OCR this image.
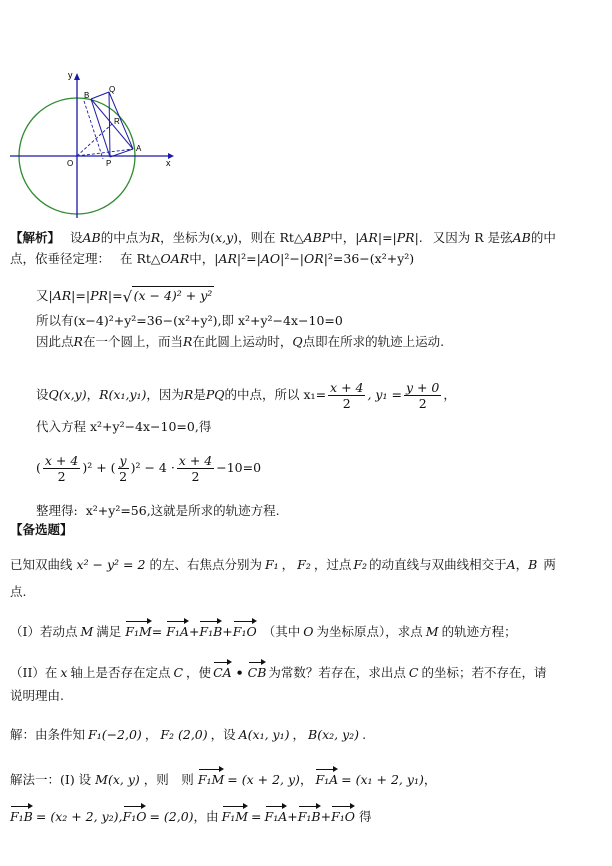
y
x
O
B
Q
R
A
P
【解析】 设AB的中点为R，坐标为(x,y)，则在 Rt△ABP中，|AR|=|PR|. 又因为 R 是弦AB的中
点，依垂径定理： 在 Rt△OAR中，|AR|²=|AO|²−|OR|²=36−(x²+y²)
又|AR|=|PR|= √ (x − 4)² + y²
所以有(x−4)²+y²=36−(x²+y²),即 x²+y²−4x−10=0
因此点R在一个圆上，而当R在此圆上运动时，Q点即在所求的轨迹上运动.
设Q(x,y)，R(x₁,y₁)，因为R是PQ的中点，所以 $x_1= \frac{x + 4}{2}$ , $y_1 = \frac{y + 0}{2}$ ，
代入方程 x²+y²−4x−10=0,得
( $\frac{x + 4}{2} )^2$ + ( $\frac{y}{2} )^2 - 4 \cdot \frac{x + 4}{2} -10=0$
整理得: x²+y²=56,这就是所求的轨迹方程.
【备选题】
已知双曲线 x² − y² = 2 的左、右焦点分别为 F₁ ， F₂ ，过点 F₂ 的动直线与双曲线相交于A，B 两
点.
（I）若动点 M 满足 F₁M= F₁A+F₁B+F₁O （其中 O 为坐标原点），求点 M 的轨迹方程；
（II）在 x 轴上是否存在定点 C ，使 CA • CB 为常数？若存在，求出点 C 的坐标；若不存在，请
说明理由.
解：由条件知 F₁(−2,0) ， F₂ (2,0) ，设 A(x₁, y₁) ， B(x₂, y₂) .
解法一：(I) 设 M(x, y) ，则　则 F₁M = (x + 2, y)， F₁A = (x₁ + 2, y₁)，
F₁B = (x₂ + 2, y₂),F₁O = (2,0)，由 F₁M = F₁A+F₁B+F₁O 得
